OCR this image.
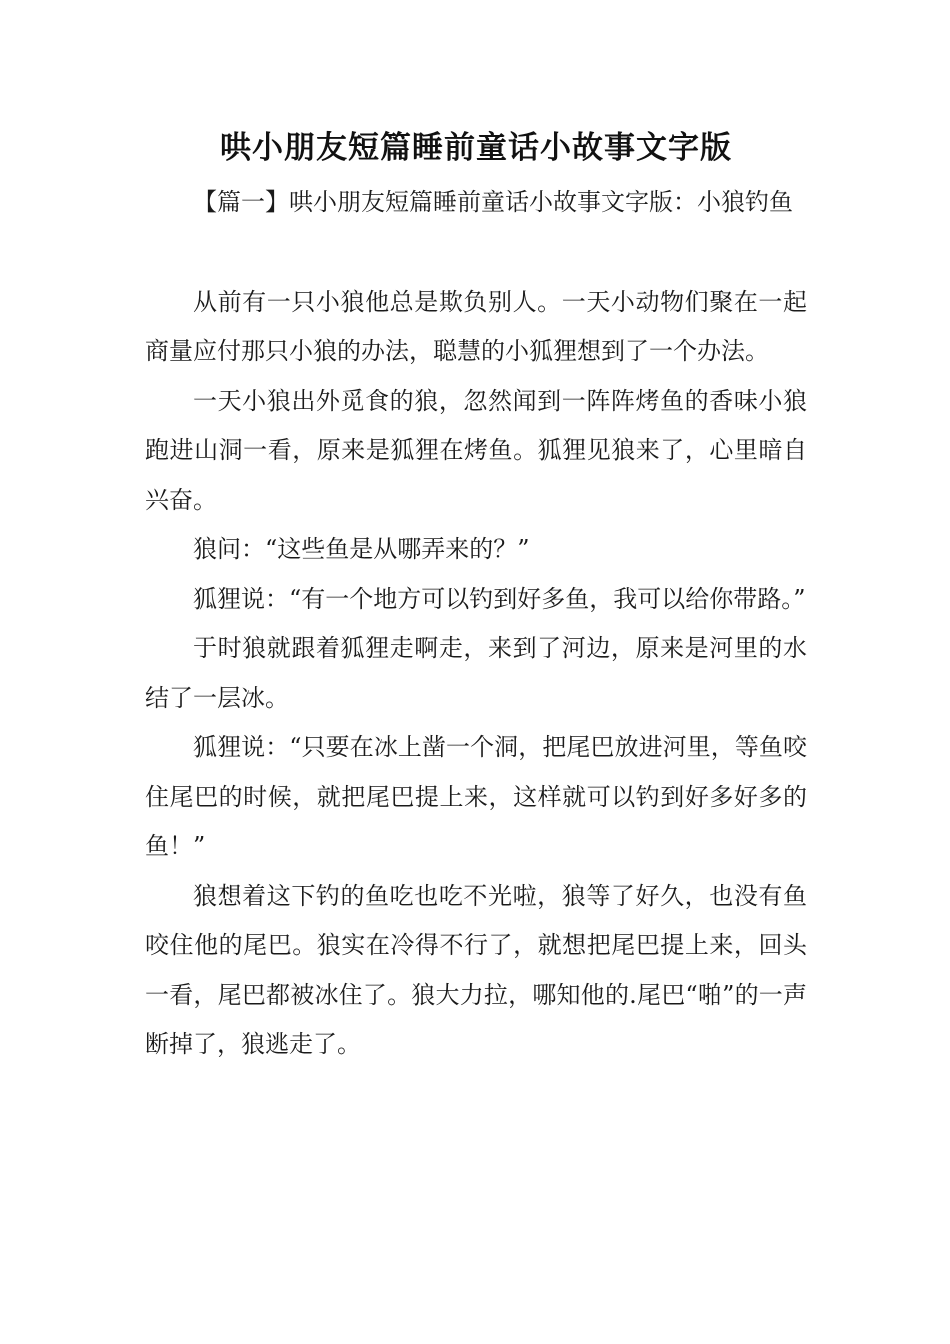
哄小朋友短篇睡前童话小故事文字版

【篇一】哄小朋友短篇睡前童话小故事文字版：小狼钓鱼

从前有一只小狼他总是欺负别人。一天小动物们聚在一起商量应付那只小狼的办法，聪慧的小狐狸想到了一个办法。

一天小狼出外觅食的狼，忽然闻到一阵阵烤鱼的香味小狼跑进山洞一看，原来是狐狸在烤鱼。狐狸见狼来了，心里暗自兴奋。

狼问：“这些鱼是从哪弄来的？”

狐狸说：“有一个地方可以钓到好多鱼，我可以给你带路。”

于时狼就跟着狐狸走啊走，来到了河边，原来是河里的水结了一层冰。

狐狸说：“只要在冰上凿一个洞，把尾巴放进河里，等鱼咬住尾巴的时候，就把尾巴提上来，这样就可以钓到好多好多的鱼！”

狼想着这下钓的鱼吃也吃不光啦，狼等了好久，也没有鱼咬住他的尾巴。狼实在冷得不行了，就想把尾巴提上来，回头一看，尾巴都被冰住了。狼大力拉，哪知他的.尾巴“啪”的一声断掉了，狼逃走了。
